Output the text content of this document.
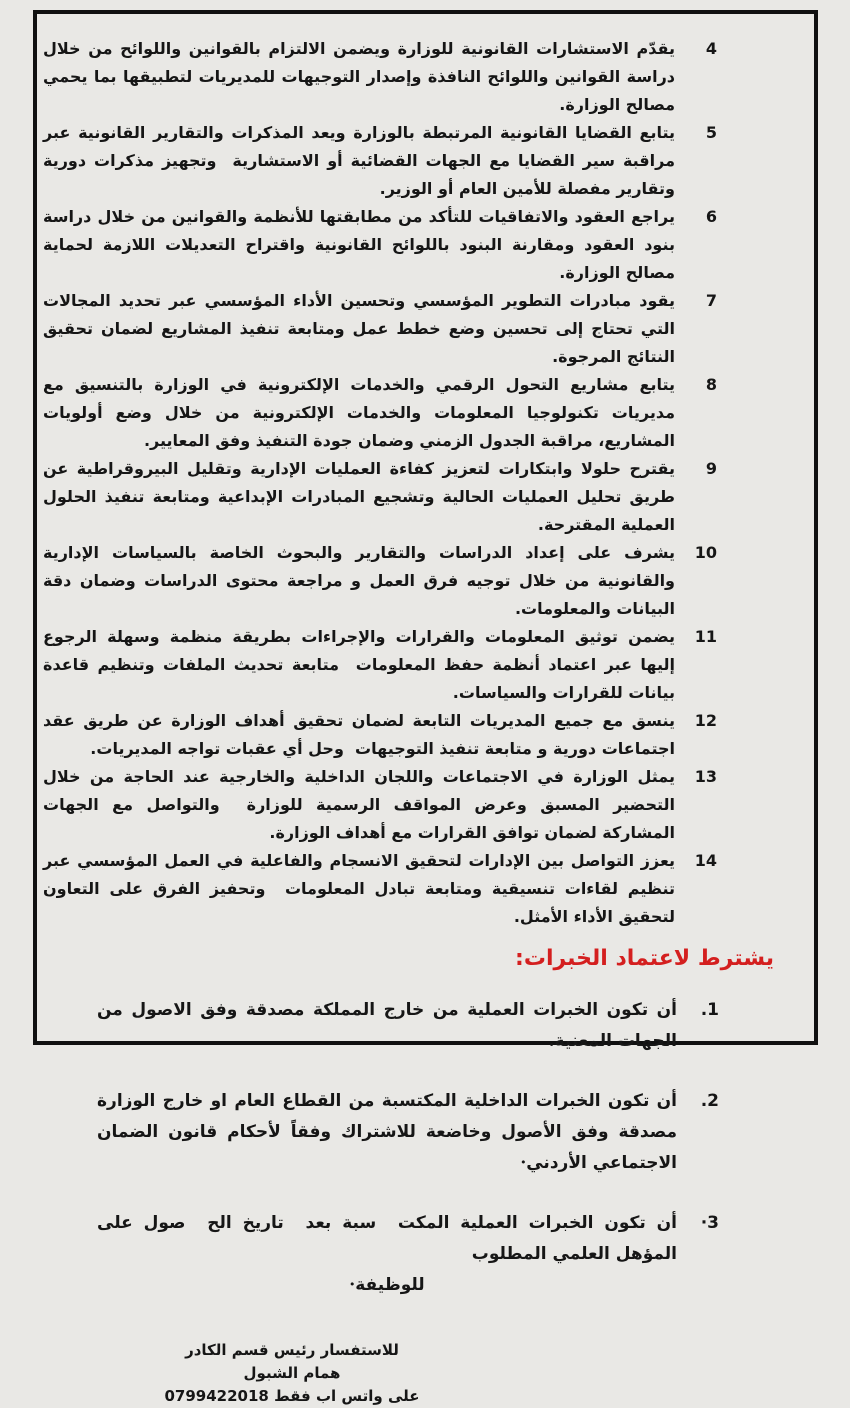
4

يقدّم الاستشارات القانونية للوزارة ويضمن الالتزام بالقوانين واللوائح من خلال دراسة القوانين واللوائح النافذة وإصدار التوجيهات للمديريات لتطبيقها بما يحمي مصالح الوزارة.

5

يتابع القضايا القانونية المرتبطة بالوزارة ويعد المذكرات والتقارير القانونية عبر مراقبة سير القضايا مع الجهات القضائية أو الاستشارية  وتجهيز مذكرات دورية وتقارير مفصلة للأمين العام أو الوزير.

6

يراجع العقود والاتفاقيات للتأكد من مطابقتها للأنظمة والقوانين من خلال دراسة بنود العقود ومقارنة البنود باللوائح القانونية واقتراح التعديلات اللازمة لحماية مصالح الوزارة.

7

يقود مبادرات التطوير المؤسسي وتحسين الأداء المؤسسي عبر تحديد المجالات التي تحتاج إلى تحسين وضع خطط عمل ومتابعة تنفيذ المشاريع لضمان تحقيق النتائج المرجوة.

8

يتابع مشاريع التحول الرقمي والخدمات الإلكترونية في الوزارة بالتنسيق مع مديريات تكنولوجيا المعلومات والخدمات الإلكترونية من خلال وضع أولويات المشاريع، مراقبة الجدول الزمني وضمان جودة التنفيذ وفق المعايير.

9

يقترح حلولا وابتكارات لتعزيز كفاءة العمليات الإدارية وتقليل البيروقراطية عن طريق تحليل العمليات الحالية وتشجيع المبادرات الإبداعية ومتابعة تنفيذ الحلول العملية المقترحة.

10

يشرف على إعداد الدراسات والتقارير والبحوث الخاصة بالسياسات الإدارية والقانونية من خلال توجيه فرق العمل و مراجعة محتوى الدراسات وضمان دقة البيانات والمعلومات.

11

يضمن توثيق المعلومات والقرارات والإجراءات بطريقة منظمة وسهلة الرجوع إليها عبر اعتماد أنظمة حفظ المعلومات  متابعة تحديث الملفات وتنظيم قاعدة بيانات للقرارات والسياسات.

12

ينسق مع جميع المديريات التابعة لضمان تحقيق أهداف الوزارة عن طريق عقد اجتماعات دورية و متابعة تنفيذ التوجيهات  وحل أي عقبات تواجه المديريات.

13

يمثل الوزارة في الاجتماعات واللجان الداخلية والخارجية عند الحاجة من خلال التحضير المسبق وعرض المواقف الرسمية للوزارة  والتواصل مع الجهات المشاركة لضمان توافق القرارات مع أهداف الوزارة.

14

يعزز التواصل بين الإدارات لتحقيق الانسجام والفاعلية في العمل المؤسسي عبر تنظيم لقاءات تنسيقية ومتابعة تبادل المعلومات  وتحفيز الفرق على التعاون لتحقيق الأداء الأمثل.

يشترط لاعتماد الخبرات:
1.

أن تكون الخبرات العملية من خارج المملكة مصدقة وفق الاصول من الجهات المعنية.

2.

أن تكون الخبرات الداخلية المكتسبة من القطاع العام او خارج الوزارة مصدقة وفق الأصول وخاضعة للاشتراك وفقاً لأحكام قانون الضمان الاجتماعي الأردني·

3·

أن تكون الخبرات العملية المكت  سبة بعد  تاريخ الح  صول على المؤهل العلمي المطلوب

للوظيفة·

للاستفسار رئيس قسم الكادر
همام الشبول
0799422018 على واتس اب فقط
